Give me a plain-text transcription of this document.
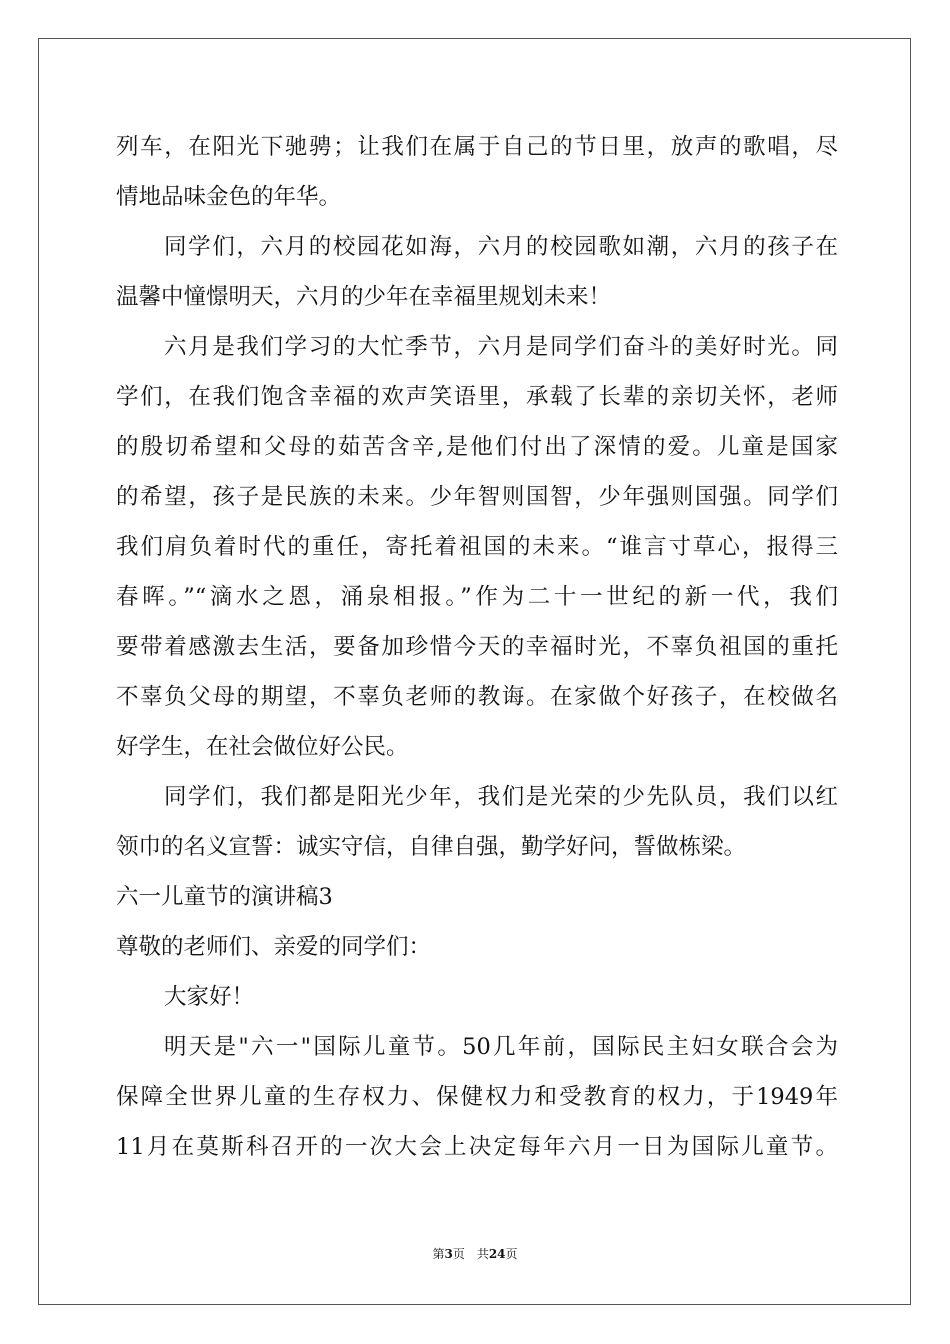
列车，在阳光下驰骋；让我们在属于自己的节日里，放声的歌唱，尽
情地品味金色的年华。
同学们，六月的校园花如海，六月的校园歌如潮，六月的孩子在
温馨中憧憬明天，六月的少年在幸福里规划未来！
六月是我们学习的大忙季节，六月是同学们奋斗的美好时光。同
学们，在我们饱含幸福的欢声笑语里，承载了长辈的亲切关怀，老师
的殷切希望和父母的茹苦含辛,是他们付出了深情的爱。儿童是国家
的希望，孩子是民族的未来。少年智则国智，少年强则国强。同学们
我们肩负着时代的重任，寄托着祖国的未来。“谁言寸草心，报得三
春晖。”“滴水之恩，涌泉相报。”作为二十一世纪的新一代，我们
要带着感激去生活，要备加珍惜今天的幸福时光，不辜负祖国的重托
不辜负父母的期望，不辜负老师的教诲。在家做个好孩子，在校做名
好学生，在社会做位好公民。
同学们，我们都是阳光少年，我们是光荣的少先队员，我们以红
领巾的名义宣誓：诚实守信，自律自强，勤学好问，誓做栋梁。
六一儿童节的演讲稿3
尊敬的老师们、亲爱的同学们：
大家好！
明天是"六一"国际儿童节。50几年前，国际民主妇女联合会为
保障全世界儿童的生存权力、保健权力和受教育的权力，于1949年
11月在莫斯科召开的一次大会上决定每年六月一日为国际儿童节。
第3页　共24页
